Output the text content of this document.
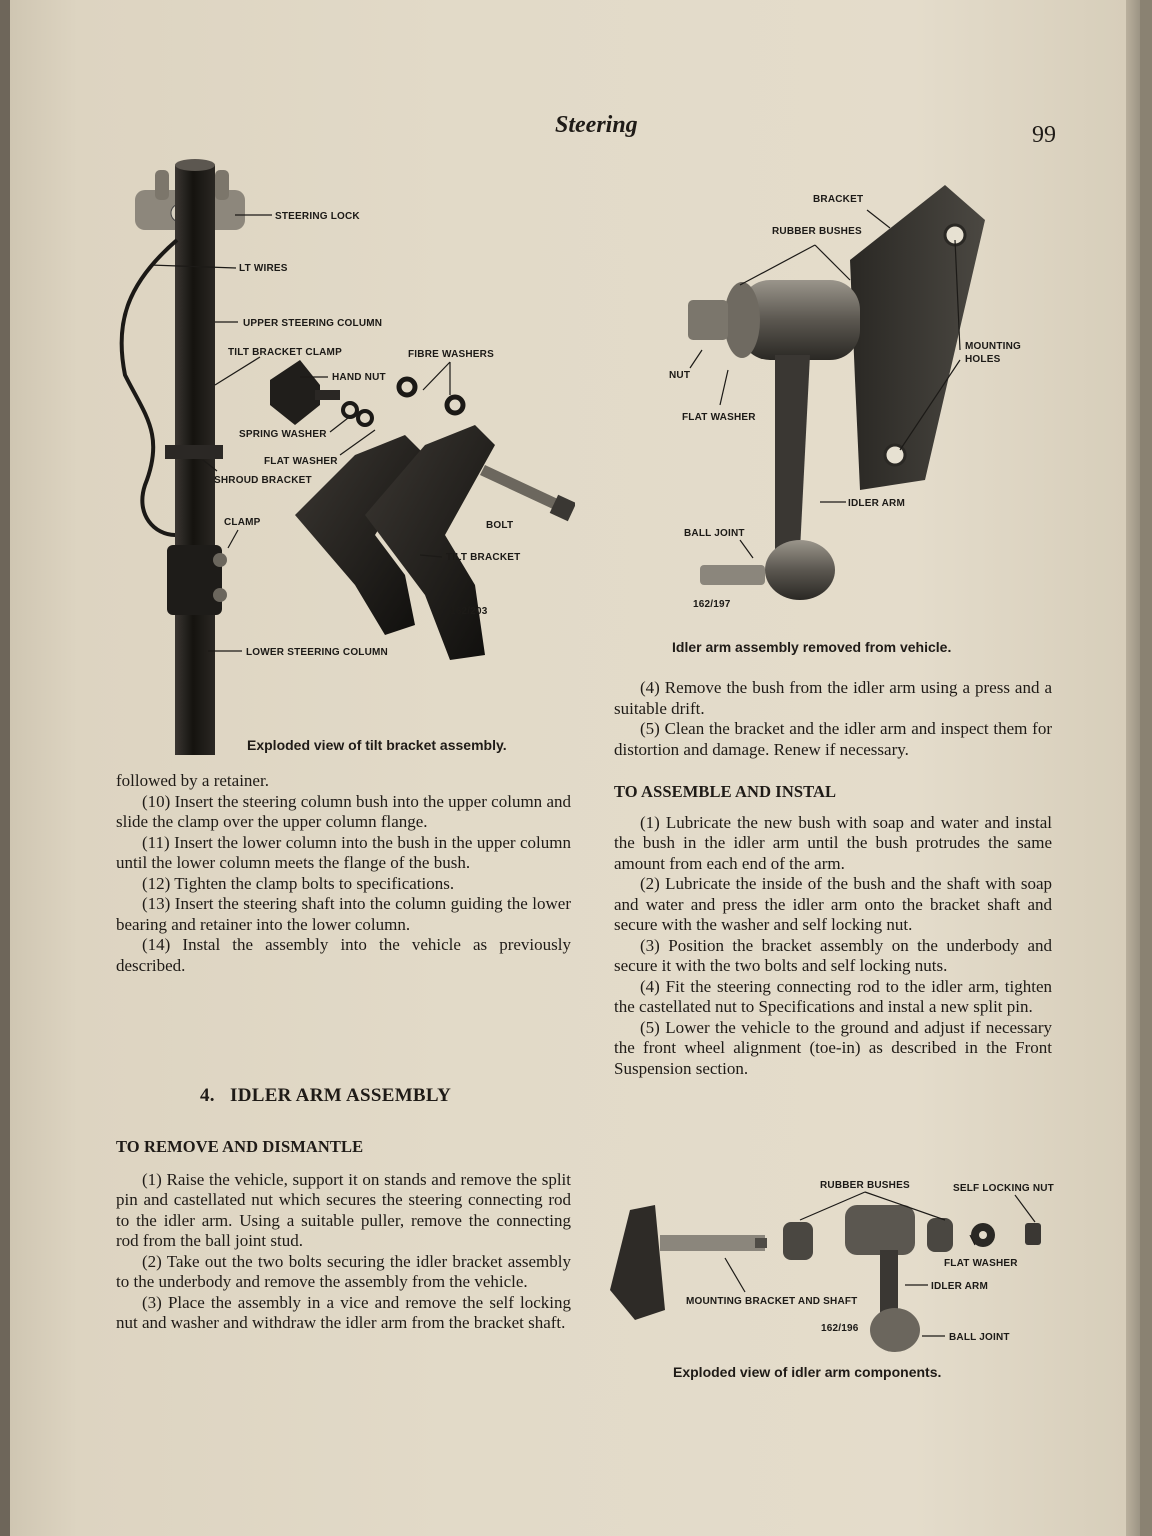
Steering	99
STEERING LOCK
LT WIRES
UPPER STEERING COLUMN
TILT BRACKET CLAMP	FIBRE WASHERS
HAND NUT
SPRING WASHER
FLAT WASHER
SHROUD BRACKET
CLAMP	BOLT
TILT BRACKET
162/203
LOWER STEERING COLUMN
Exploded view of tilt bracket assembly.
BRACKET
RUBBER BUSHES
MOUNTING
HOLES
NUT
FLAT WASHER
IDLER ARM
BALL JOINT
162/197
Idler arm assembly removed from vehicle.

followed by a retainer.

(10) Insert the steering column bush into the upper column and slide the clamp over the upper column flange.

(11) Insert the lower column into the bush in the upper column until the lower column meets the flange of the bush.

(12) Tighten the clamp bolts to specifications.

(13) Insert the steering shaft into the column guiding the lower bearing and retainer into the lower column.

(14) Instal the assembly into the vehicle as previously described.

4.   IDLER ARM ASSEMBLY
TO REMOVE AND DISMANTLE

(1) Raise the vehicle, support it on stands and remove the split pin and castellated nut which secures the steering connecting rod to the idler arm. Using a suitable puller, remove the connecting rod from the ball joint stud.

(2) Take out the two bolts securing the idler bracket assembly to the underbody and remove the assembly from the vehicle.

(3) Place the assembly in a vice and remove the self locking nut and washer and withdraw the idler arm from the bracket shaft.

(4) Remove the bush from the idler arm using a press and a suitable drift.

(5) Clean the bracket and the idler arm and inspect them for distortion and damage. Renew if necessary.

TO ASSEMBLE AND INSTAL

(1) Lubricate the new bush with soap and water and instal the bush in the idler arm until the bush protrudes the same amount from each end of the arm.

(2) Lubricate the inside of the bush and the shaft with soap and water and press the idler arm onto the bracket shaft and secure with the washer and self locking nut.

(3) Position the bracket assembly on the underbody and secure it with the two bolts and self locking nuts.

(4) Fit the steering connecting rod to the idler arm, tighten the castellated nut to Specifications and instal a new split pin.

(5) Lower the vehicle to the ground and adjust if necessary the front wheel alignment (toe-in) as described in the Front Suspension section.

RUBBER BUSHES	SELF LOCKING NUT
FLAT WASHER
IDLER ARM
MOUNTING BRACKET AND SHAFT
162/196
BALL JOINT
Exploded view of idler arm components.
